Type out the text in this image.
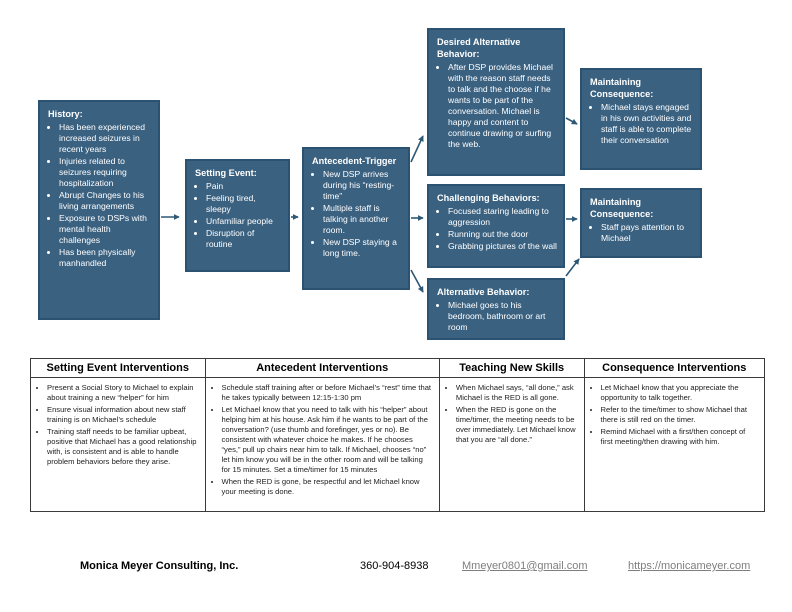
History:
• Has been experienced increased seizures in recent years
• Injuries related to seizures requiring hospitalization
• Abrupt Changes to his living arrangements
• Exposure to DSPs with mental health challenges
• Has been physically manhandled
Setting Event:
• Pain
• Feeling tired, sleepy
• Unfamiliar people
• Disruption of routine
Antecedent-Trigger
• New DSP arrives during his “resting-time”
• Multiple staff is talking in another room.
• New DSP staying a long time.
Desired Alternative Behavior:
• After DSP provides Michael with the reason staff needs to talk and the choose if he wants to be part of the conversation. Michael is happy and content to continue drawing or surfing the web.
Challenging Behaviors:
• Focused staring leading to aggression
• Running out the door
• Grabbing pictures of the wall
Alternative Behavior:
• Michael goes to his bedroom, bathroom or art room
Maintaining Consequence:
• Michael stays engaged in his own activities and staff is able to complete their conversation
Maintaining Consequence:
• Staff pays attention to Michael
Setting Event Interventions
• Present a Social Story to Michael to explain about training a new “helper” for him
• Ensure visual information about new staff training is on Michael’s schedule
• Training staff needs to be familiar upbeat, positive that Michael has a good relationship with, is consistent and is able to handle problem behaviors before they arise.
Antecedent Interventions
• Schedule staff training after or before Michael’s “rest” time that he takes typically between 12:15-1:30 pm
• Let Michael know that you need to talk with his “helper” about helping him at his house. Ask him if he wants to be part of the conversation? (use thumb and forefinger, yes or no). Be consistent with whatever choice he makes. If he chooses “yes,” pull up chairs near him to talk. If Michael, chooses “no” let him know you will be in the other room and will be talking for 15 minutes. Set a time/timer for 15 minutes
• When the RED is gone, be respectful and let Michael know your meeting is done.
Teaching New Skills
• When Michael says, “all done,” ask Michael is the RED is all gone.
• When the RED is gone on the time/timer, the meeting needs to be over immediately. Let Michael know that you are “all done.”
Consequence Interventions
• Let Michael know that you appreciate the opportunity to talk together.
• Refer to the time/timer to show Michael that there is still red on the timer.
• Remind Michael with a first/then concept of first meeting/then drawing with him.
Monica Meyer Consulting, Inc.	360-904-8938	Mmeyer0801@gmail.com	https://monicameyer.com
